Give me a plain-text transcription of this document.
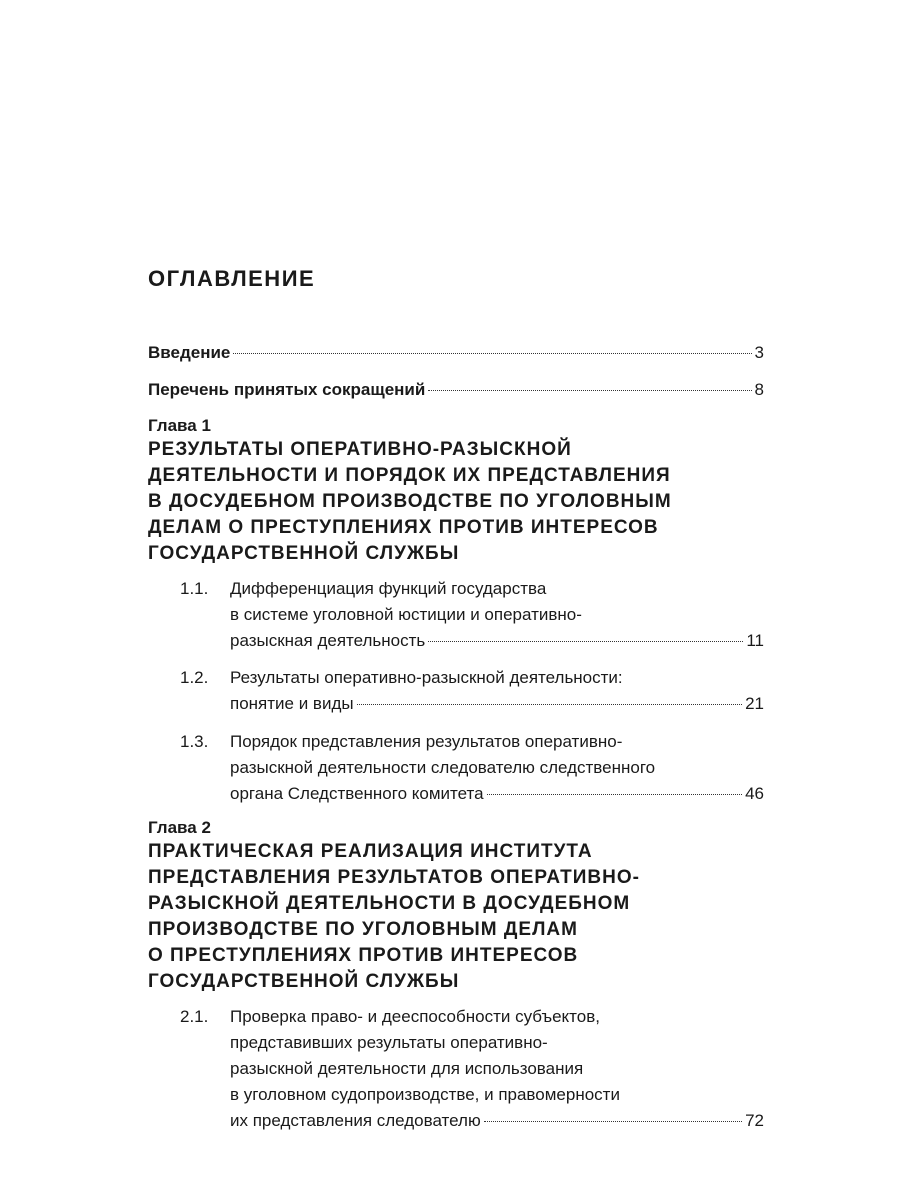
ОГЛАВЛЕНИЕ
Введение	3
Перечень принятых сокращений	8
Глава 1
РЕЗУЛЬТАТЫ ОПЕРАТИВНО-РАЗЫСКНОЙ
ДЕЯТЕЛЬНОСТИ И ПОРЯДОК ИХ ПРЕДСТАВЛЕНИЯ
В ДОСУДЕБНОМ ПРОИЗВОДСТВЕ ПО УГОЛОВНЫМ
ДЕЛАМ О ПРЕСТУПЛЕНИЯХ ПРОТИВ ИНТЕРЕСОВ
ГОСУДАРСТВЕННОЙ СЛУЖБЫ
1.1. Дифференциация функций государства
в системе уголовной юстиции и оперативно-
разыскная деятельность	11
1.2. Результаты оперативно-разыскной деятельности:
понятие и виды	21
1.3. Порядок представления результатов оперативно-
разыскной деятельности следователю следственного
органа Следственного комитета	46
Глава 2
ПРАКТИЧЕСКАЯ РЕАЛИЗАЦИЯ ИНСТИТУТА
ПРЕДСТАВЛЕНИЯ РЕЗУЛЬТАТОВ ОПЕРАТИВНО-
РАЗЫСКНОЙ ДЕЯТЕЛЬНОСТИ В ДОСУДЕБНОМ
ПРОИЗВОДСТВЕ ПО УГОЛОВНЫМ ДЕЛАМ
О ПРЕСТУПЛЕНИЯХ ПРОТИВ ИНТЕРЕСОВ
ГОСУДАРСТВЕННОЙ СЛУЖБЫ
2.1. Проверка право- и дееспособности субъектов,
представивших результаты оперативно-
разыскной деятельности для использования
в уголовном судопроизводстве, и правомерности
их представления следователю	72
